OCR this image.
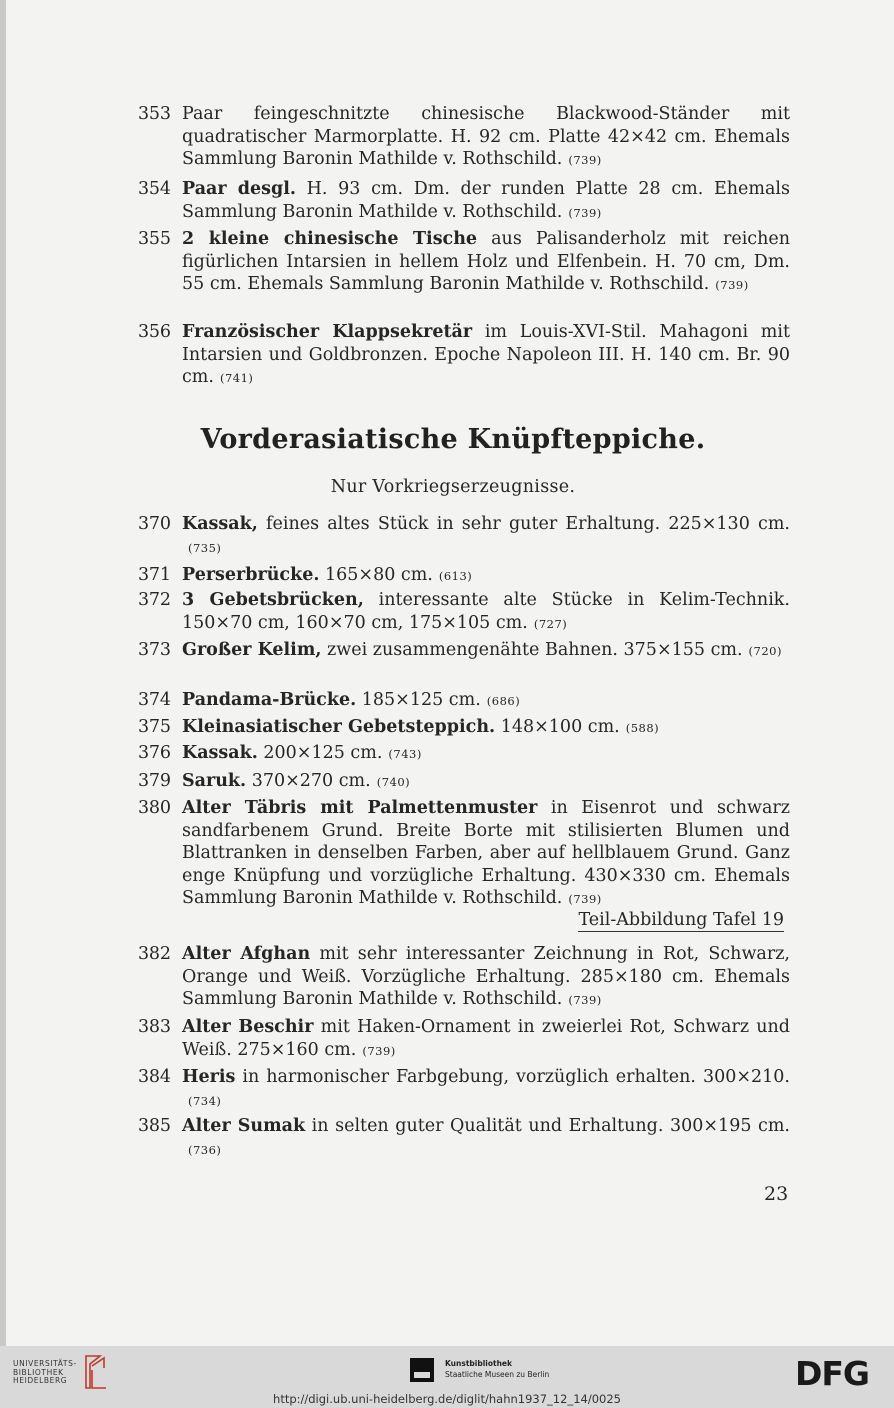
353 Paar feingeschnitzte chinesische Blackwood-Ständer mit quadratischer Marmorplatte. H. 92 cm. Platte 42×42 cm. Ehemals Sammlung Baronin Mathilde v. Rothschild. (739)
354 Paar desgl. H. 93 cm. Dm. der runden Platte 28 cm. Ehemals Sammlung Baronin Mathilde v. Rothschild. (739)
355 2 kleine chinesische Tische aus Palisanderholz mit reichen figürlichen Intarsien in hellem Holz und Elfenbein. H. 70 cm, Dm. 55 cm. Ehemals Sammlung Baronin Mathilde v. Rothschild. (739)
356 Französischer Klappsekretär im Louis-XVI-Stil. Mahagoni mit Intarsien und Goldbronzen. Epoche Napoleon III. H. 140 cm. Br. 90 cm. (741)
Vorderasiatische Knüpfteppiche.
Nur Vorkriegserzeugnisse.
370 Kassak, feines altes Stück in sehr guter Erhaltung. 225×130 cm.(735)
371 Perserbrücke. 165×80 cm. (613)
372 3 Gebetsbrücken, interessante alte Stücke in Kelim-Technik. 150×70 cm, 160×70 cm, 175×105 cm. (727)
373 Großer Kelim, zwei zusammengenähte Bahnen. 375×155 cm. (720)
374 Pandama-Brücke. 185×125 cm. (686)
375 Kleinasiatischer Gebetsteppich. 148×100 cm. (588)
376 Kassak. 200×125 cm. (743)
379 Saruk. 370×270 cm. (740)
380 Alter Täbris mit Palmettenmuster in Eisenrot und schwarz sandfarbenem Grund. Breite Borte mit stilisierten Blumen und Blattranken in denselben Farben, aber auf hellblauem Grund. Ganz enge Knüpfung und vorzügliche Erhaltung. 430×330 cm. Ehemals Sammlung Baronin Mathilde v. Rothschild. (739)
382 Alter Afghan mit sehr interessanter Zeichnung in Rot, Schwarz, Orange und Weiß. Vorzügliche Erhaltung. 285×180 cm. Ehemals Sammlung Baronin Mathilde v. Rothschild. (739)
383 Alter Beschir mit Haken-Ornament in zweierlei Rot, Schwarz und Weiß. 275×160 cm. (739)
384 Heris in harmonischer Farbgebung, vorzüglich erhalten. 300×210.(734)
385 Alter Sumak in selten guter Qualität und Erhaltung. 300×195 cm.(736)
Teil-Abbildung Tafel 19
23
UNIVERSITÄTS-
BIBLIOTHEK
HEIDELBERG
Kunstbibliothek
Staatliche Museen zu Berlin	DFG
http://digi.ub.uni-heidelberg.de/diglit/hahn1937_12_14/0025
